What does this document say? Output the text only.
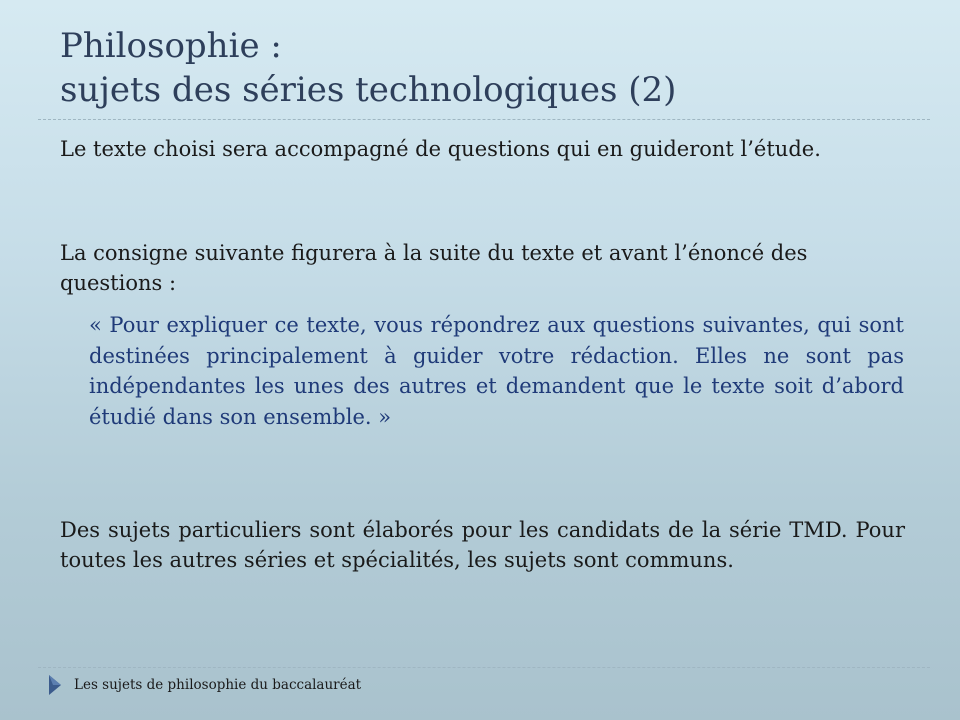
Philosophie :
sujets des séries technologiques (2)

Le texte choisi sera accompagné de questions qui en guideront l’étude.

La consigne suivante figurera à la suite du texte et avant l’énoncé des questions :

« Pour expliquer ce texte, vous répondrez aux questions suivantes, qui sont destinées principalement à guider votre rédaction. Elles ne sont pas indépendantes les unes des autres et demandent que le texte soit d’abord étudié dans son ensemble. »

Des sujets particuliers sont élaborés pour les candidats de la série TMD. Pour toutes les autres séries et spécialités, les sujets sont communs.

Les sujets de philosophie du baccalauréat
